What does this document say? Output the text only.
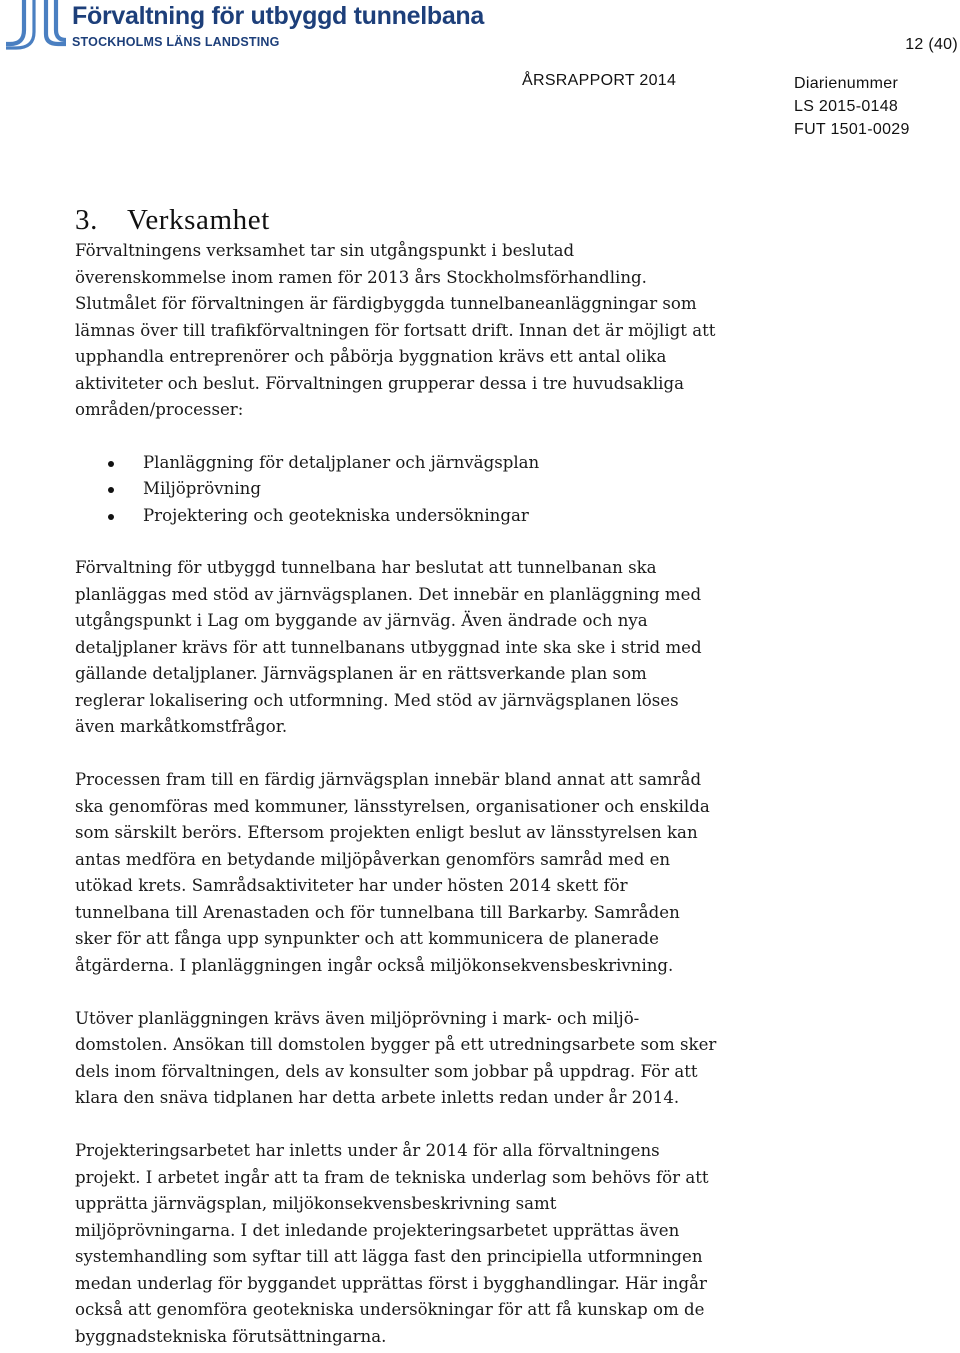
Förvaltning för utbyggd tunnelbana
STOCKHOLMS LÄNS LANDSTING	12 (40)
ÅRSRAPPORT 2014	Diarienummer
LS 2015-0148
FUT 1501-0029
3. Verksamhet

Förvaltningens verksamhet tar sin utgångspunkt i beslutad
överenskommelse inom ramen för 2013 års Stockholmsförhandling.
Slutmålet för förvaltningen är färdigbyggda tunnelbaneanläggningar som
lämnas över till trafikförvaltningen för fortsatt drift. Innan det är möjligt att
upphandla entreprenörer och påbörja byggnation krävs ett antal olika
aktiviteter och beslut. Förvaltningen grupperar dessa i tre huvudsakliga
områden/processer:

Planläggning för detaljplaner och järnvägsplan
Miljöprövning
Projektering och geotekniska undersökningar

Förvaltning för utbyggd tunnelbana har beslutat att tunnelbanan ska
planläggas med stöd av järnvägsplanen. Det innebär en planläggning med
utgångspunkt i Lag om byggande av järnväg. Även ändrade och nya
detaljplaner krävs för att tunnelbanans utbyggnad inte ska ske i strid med
gällande detaljplaner. Järnvägsplanen är en rättsverkande plan som
reglerar lokalisering och utformning. Med stöd av järnvägsplanen löses
även markåtkomstfrågor.

Processen fram till en färdig järnvägsplan innebär bland annat att samråd
ska genomföras med kommuner, länsstyrelsen, organisationer och enskilda
som särskilt berörs. Eftersom projekten enligt beslut av länsstyrelsen kan
antas medföra en betydande miljöpåverkan genomförs samråd med en
utökad krets. Samrådsaktiviteter har under hösten 2014 skett för
tunnelbana till Arenastaden och för tunnelbana till Barkarby. Samråden
sker för att fånga upp synpunkter och att kommunicera de planerade
åtgärderna. I planläggningen ingår också miljökonsekvensbeskrivning.

Utöver planläggningen krävs även miljöprövning i mark- och miljö-
domstolen. Ansökan till domstolen bygger på ett utredningsarbete som sker
dels inom förvaltningen, dels av konsulter som jobbar på uppdrag. För att
klara den snäva tidplanen har detta arbete inletts redan under år 2014.

Projekteringsarbetet har inletts under år 2014 för alla förvaltningens
projekt. I arbetet ingår att ta fram de tekniska underlag som behövs för att
upprätta järnvägsplan, miljökonsekvensbeskrivning samt
miljöprövningarna. I det inledande projekteringsarbetet upprättas även
systemhandling som syftar till att lägga fast den principiella utformningen
medan underlag för byggandet upprättas först i bygghandlingar. Här ingår
också att genomföra geotekniska undersökningar för att få kunskap om de
byggnadstekniska förutsättningarna.
